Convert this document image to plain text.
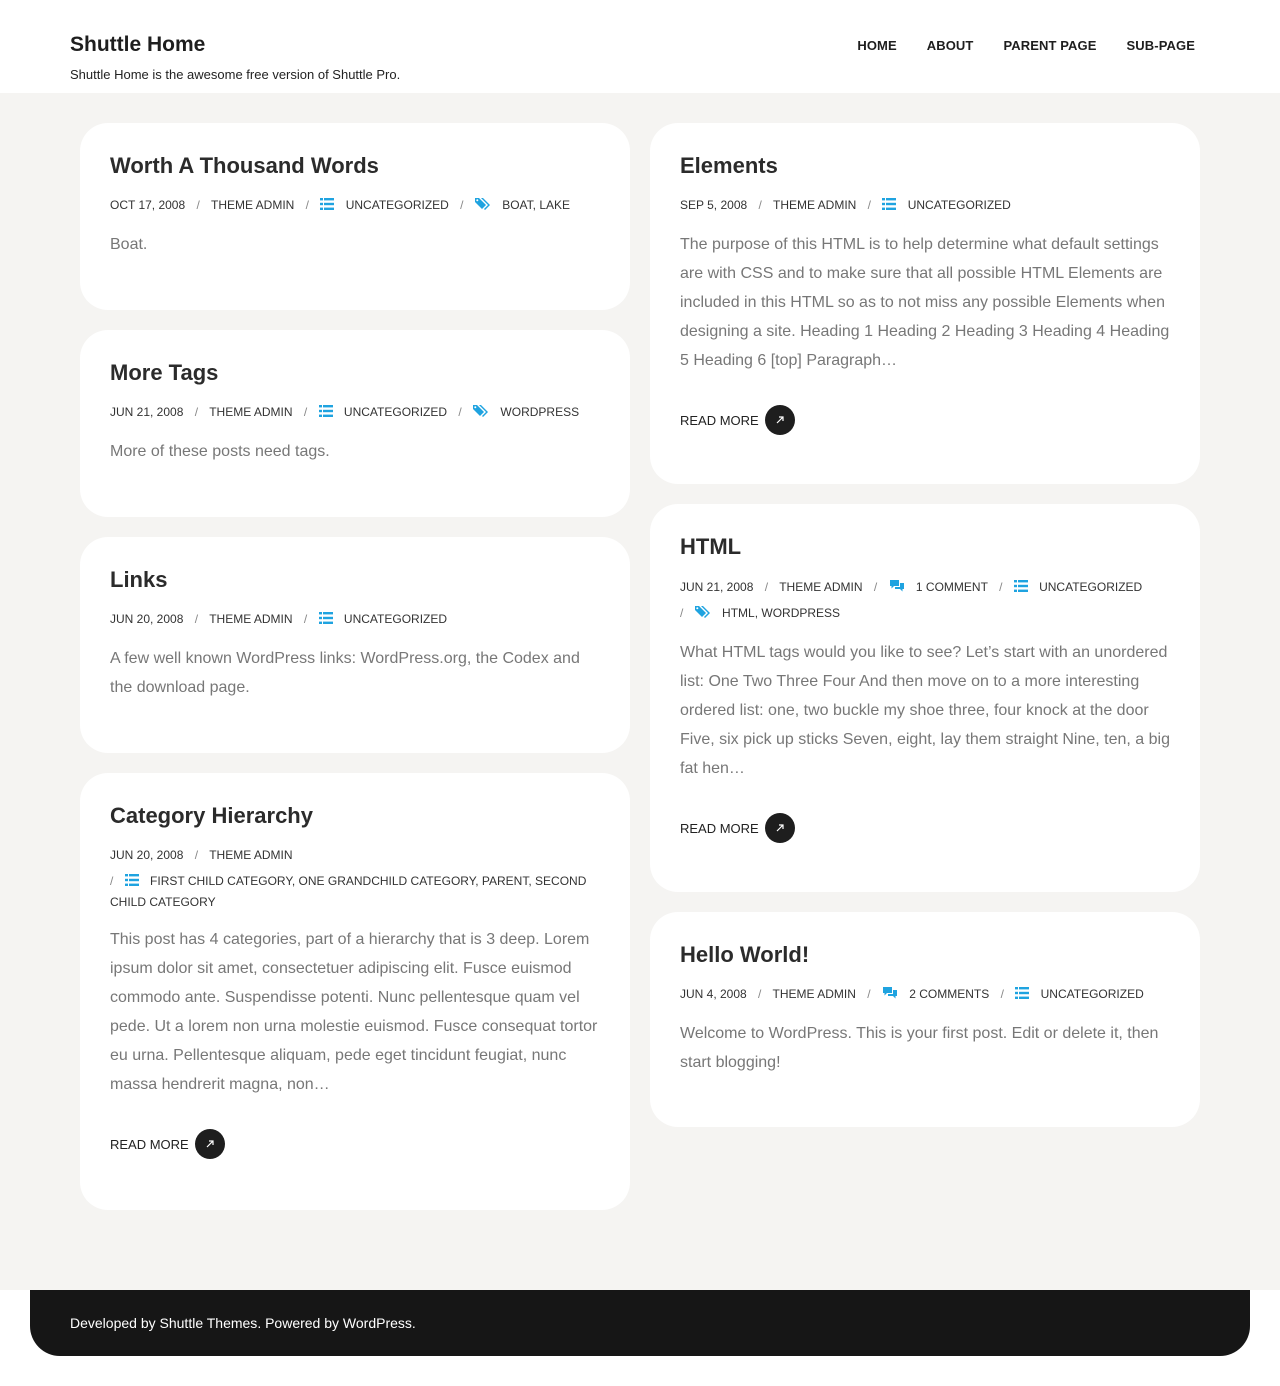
Shuttle Home

Shuttle Home is the awesome free version of Shuttle Pro.

HOME ABOUT PARENT PAGE SUB-PAGE
Worth A Thousand Words
OCT 17, 2008 / THEME ADMIN /	UNCATEGORIZED /	BOAT, LAKE

Boat.

More Tags
JUN 21, 2008 / THEME ADMIN /	UNCATEGORIZED /	WORDPRESS

More of these posts need tags.

Links
JUN 20, 2008 / THEME ADMIN /	UNCATEGORIZED

A few well known WordPress links: WordPress.org, the Codex and the download page.

Category Hierarchy
JUN 20, 2008 / THEME ADMIN

/	FIRST CHILD CATEGORY, ONE GRANDCHILD CATEGORY, PARENT, SECOND CHILD CATEGORY

This post has 4 categories, part of a hierarchy that is 3 deep. Lorem ipsum dolor sit amet, consectetuer adipiscing elit. Fusce euismod commodo ante. Suspendisse potenti. Nunc pellentesque quam vel pede. Ut a lorem non urna molestie euismod. Fusce consequat tortor eu urna. Pellentesque aliquam, pede eget tincidunt feugiat, nunc massa hendrerit magna, non…

READ MORE
Elements
SEP 5, 2008 / THEME ADMIN /	UNCATEGORIZED

The purpose of this HTML is to help determine what default settings are with CSS and to make sure that all possible HTML Elements are included in this HTML so as to not miss any possible Elements when designing a site. Heading 1 Heading 2 Heading 3 Heading 4 Heading 5 Heading 6 [top] Paragraph…

READ MORE
HTML
JUN 21, 2008 / THEME ADMIN /	1 COMMENT /	UNCATEGORIZED
/	HTML, WORDPRESS

What HTML tags would you like to see? Let’s start with an unordered list: One Two Three Four And then move on to a more interesting ordered list: one, two buckle my shoe three, four knock at the door Five, six pick up sticks Seven, eight, lay them straight Nine, ten, a big fat hen…

READ MORE
Hello World!
JUN 4, 2008 / THEME ADMIN /	2 COMMENTS /	UNCATEGORIZED

Welcome to WordPress. This is your first post. Edit or delete it, then start blogging!

Developed by Shuttle Themes. Powered by WordPress.
